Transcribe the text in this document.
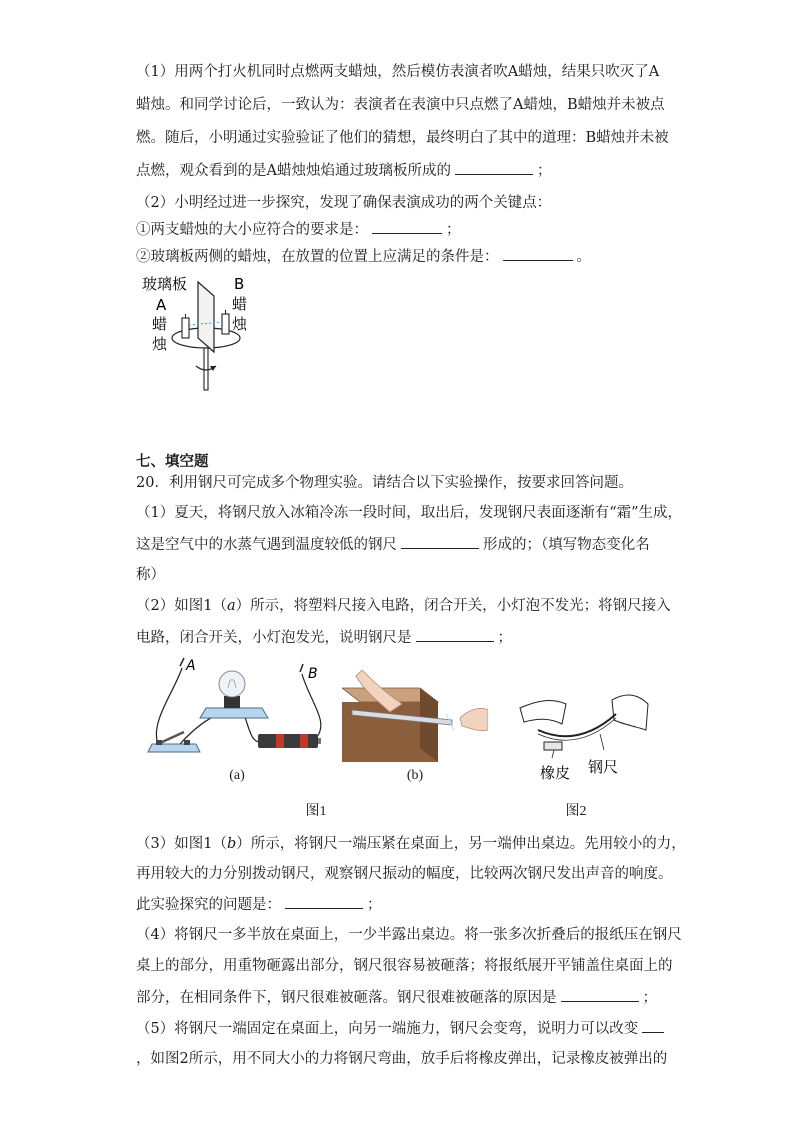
（1）用两个打火机同时点燃两支蜡烛，然后模仿表演者吹A蜡烛，结果只吹灭了A
蜡烛。和同学讨论后，一致认为：表演者在表演中只点燃了A蜡烛，B蜡烛并未被点
燃。随后，小明通过实验验证了他们的猜想，最终明白了其中的道理：B蜡烛并未被
点燃，观众看到的是A蜡烛烛焰通过玻璃板所成的	；
（2）小明经过进一步探究，发现了确保表演成功的两个关键点：
①两支蜡烛的大小应符合的要求是：	；
②玻璃板两侧的蜡烛，在放置的位置上应满足的条件是：	。
玻璃板	B
A	蜡
烛
蜡
烛
七、填空题
20．利用钢尺可完成多个物理实验。请结合以下实验操作，按要求回答问题。
（1）夏天，将钢尺放入冰箱冷冻一段时间，取出后，发现钢尺表面逐渐有“霜”生成，
这是空气中的水蒸气遇到温度较低的钢尺	形成的；（填写物态变化名
称）
（2）如图1（a）所示，将塑料尺接入电路，闭合开关，小灯泡不发光；将钢尺接入
电路，闭合开关，小灯泡发光，说明钢尺是	；
A	B
橡皮 钢尺
(a)	(b)
图1	图2
（3）如图1（b）所示，将钢尺一端压紧在桌面上，另一端伸出桌边。先用较小的力，
再用较大的力分别拨动钢尺，观察钢尺振动的幅度，比较两次钢尺发出声音的响度。
此实验探究的问题是：	；
（4）将钢尺一多半放在桌面上，一少半露出桌边。将一张多次折叠后的报纸压在钢尺
桌上的部分，用重物砸露出部分，钢尺很容易被砸落；将报纸展开平铺盖住桌面上的
部分，在相同条件下，钢尺很难被砸落。钢尺很难被砸落的原因是	；
（5）将钢尺一端固定在桌面上，向另一端施力，钢尺会变弯，说明力可以改变
，如图2所示，用不同大小的力将钢尺弯曲，放手后将橡皮弹出，记录橡皮被弹出的
